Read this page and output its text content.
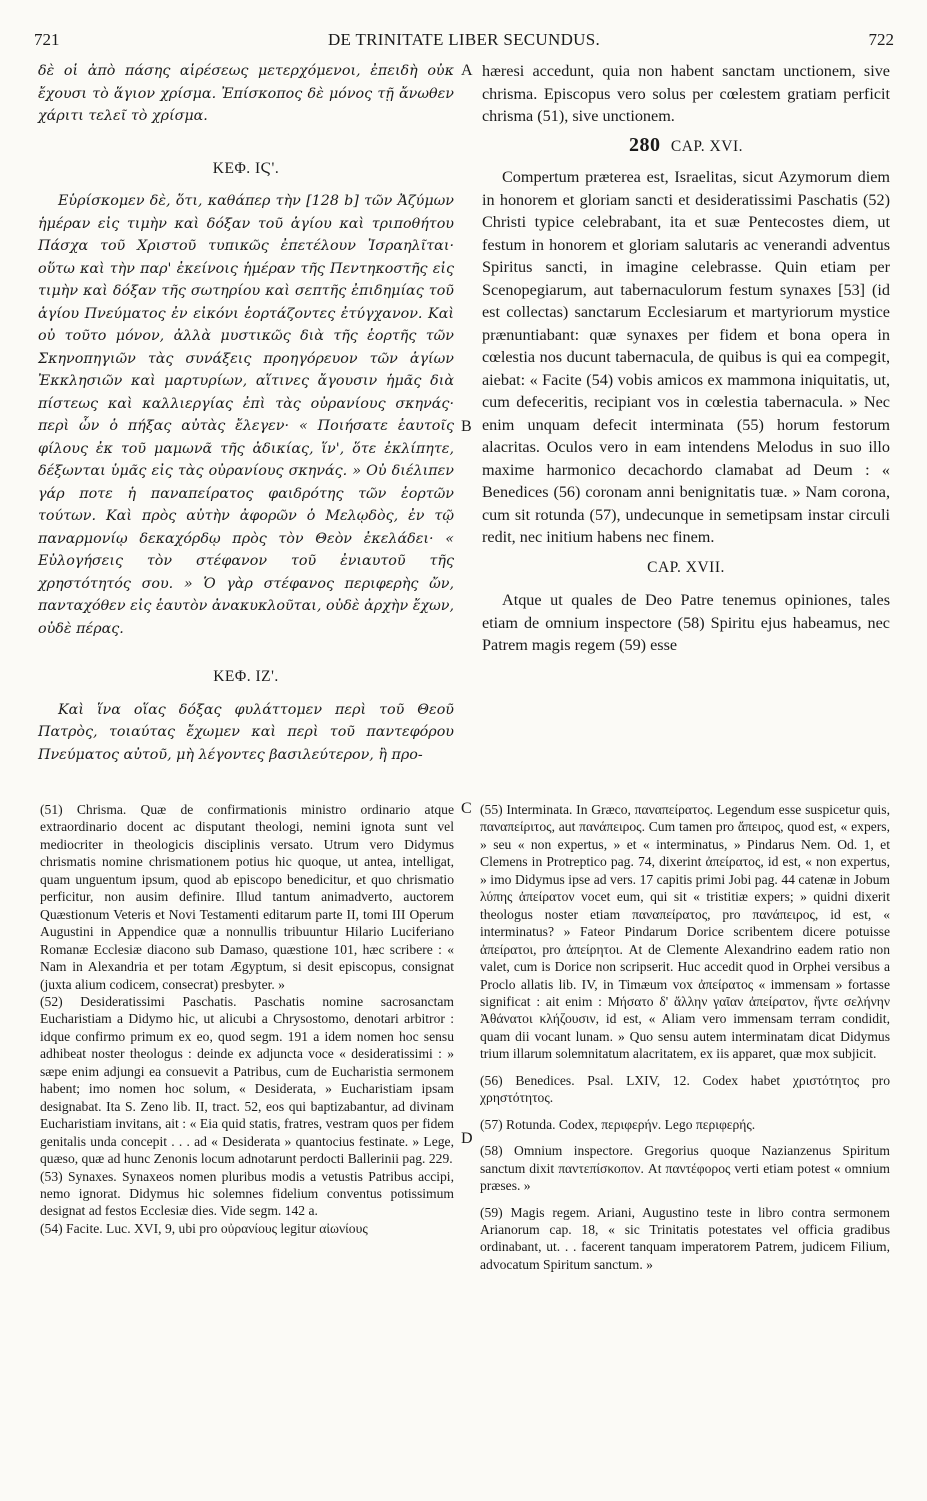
721	DE TRINITATE LIBER SECUNDUS.	722

δὲ οἱ ἀπὸ πάσης αἱρέσεως μετερχόμενοι, ἐπειδὴ οὐκ ἔχουσι τὸ ἅγιον χρίσμα. Ἐπίσκοπος δὲ μόνος τῇ ἄνωθεν χάριτι τελεῖ τὸ χρίσμα.

ΚΕΦ. ΙϚ'.

Εὑρίσκομεν δὲ, ὅτι, καθάπερ τὴν [128 b] τῶν Ἀζύμων ἡμέραν εἰς τιμὴν καὶ δόξαν τοῦ ἁγίου καὶ τριποθήτου Πάσχα τοῦ Χριστοῦ τυπικῶς ἐπετέλουν Ἰσραηλῖται· οὕτω καὶ τὴν παρ' ἐκείνοις ἡμέραν τῆς Πεντηκοστῆς εἰς τιμὴν καὶ δόξαν τῆς σωτηρίου καὶ σεπτῆς ἐπιδημίας τοῦ ἁγίου Πνεύματος ἐν εἰκόνι ἑορτάζοντες ἐτύγχανον. Καὶ οὐ τοῦτο μόνον, ἀλλὰ μυστικῶς διὰ τῆς ἑορτῆς τῶν Σκηνοπηγιῶν τὰς συνάξεις προηγόρευον τῶν ἁγίων Ἐκκλησιῶν καὶ μαρτυρίων, αἵτινες ἄγουσιν ἡμᾶς διὰ πίστεως καὶ καλλιεργίας ἐπὶ τὰς οὐρανίους σκηνάς· περὶ ὧν ὁ πήξας αὐτὰς ἔλεγεν· « Ποιήσατε ἑαυτοῖς φίλους ἐκ τοῦ μαμωνᾶ τῆς ἀδικίας, ἵν', ὅτε ἐκλίπητε, δέξωνται ὑμᾶς εἰς τὰς οὐρανίους σκηνάς. » Οὐ διέλιπεν γάρ ποτε ἡ παναπείρατος φαιδρότης τῶν ἑορτῶν τούτων. Καὶ πρὸς αὐτὴν ἀφορῶν ὁ Μελῳδὸς, ἐν τῷ παναρμονίῳ δεκαχόρδῳ πρὸς τὸν Θεὸν ἐκελάδει· « Εὐλογήσεις τὸν στέφανον τοῦ ἐνιαυτοῦ τῆς χρηστότητός σου. » Ὁ γὰρ στέφανος περιφερὴς ὤν, πανταχόθεν εἰς ἑαυτὸν ἀνακυκλοῦται, οὐδὲ ἀρχὴν ἔχων, οὐδὲ πέρας.

ΚΕΦ. ΙΖ'.

Καὶ ἵνα οἵας δόξας φυλάττομεν περὶ τοῦ Θεοῦ Πατρὸς, τοιαύτας ἔχωμεν καὶ περὶ τοῦ παντεφόρου Πνεύματος αὐτοῦ, μὴ λέγοντες βασιλεύτερον, ἢ προ-

hæresi accedunt, quia non habent sanctam unctionem, sive chrisma. Episcopus vero solus per cœlestem gratiam perficit chrisma (51), sive unctionem.

280 CAP. XVI.

Compertum præterea est, Israelitas, sicut Azymorum diem in honorem et gloriam sancti et desideratissimi Paschatis (52) Christi typice celebrabant, ita et suæ Pentecostes diem, ut festum in honorem et gloriam salutaris ac venerandi adventus Spiritus sancti, in imagine celebrasse. Quin etiam per Scenopegiarum, aut tabernaculorum festum synaxes [53] (id est collectas) sanctarum Ecclesiarum et martyriorum mystice prænuntiabant: quæ synaxes per fidem et bona opera in cœlestia nos ducunt tabernacula, de quibus is qui ea compegit, aiebat: « Facite (54) vobis amicos ex mammona iniquitatis, ut, cum defeceritis, recipiant vos in cœlestia tabernacula. » Nec enim unquam defecit interminata (55) horum festorum alacritas. Oculos vero in eam intendens Melodus in suo illo maxime harmonico decachordo clamabat ad Deum : « Benedices (56) coronam anni benignitatis tuæ. » Nam corona, cum sit rotunda (57), undecunque in semetipsam instar circuli redit, nec initium habens nec finem.

CAP. XVII.

Atque ut quales de Deo Patre tenemus opiniones, tales etiam de omnium inspectore (58) Spiritu ejus habeamus, nec Patrem magis regem (59) esse

A
B
C
D

(51) Chrisma. Quæ de confirmationis ministro ordinario atque extraordinario docent ac disputant theologi, nemini ignota sunt vel mediocriter in theologicis disciplinis versato. Utrum vero Didymus chrismatis nomine chrismationem potius hic quoque, ut antea, intelligat, quam unguentum ipsum, quod ab episcopo benedicitur, et quo chrismatio perficitur, non ausim definire. Illud tantum animadverto, auctorem Quæstionum Veteris et Novi Testamenti editarum parte II, tomi III Operum Augustini in Appendice quæ a nonnullis tribuuntur Hilario Luciferiano Romanæ Ecclesiæ diacono sub Damaso, quæstione 101, hæc scribere : « Nam in Alexandria et per totam Ægyptum, si desit episcopus, consignat (juxta alium codicem, consecrat) presbyter. »

(52) Desideratissimi Paschatis. Paschatis nomine sacrosanctam Eucharistiam a Didymo hic, ut alicubi a Chrysostomo, denotari arbitror : idque confirmo primum ex eo, quod segm. 191 a idem nomen hoc sensu adhibeat noster theologus : deinde ex adjuncta voce « desideratissimi : » sæpe enim adjungi ea consuevit a Patribus, cum de Eucharistia sermonem habent; imo nomen hoc solum, « Desiderata, » Eucharistiam ipsam designabat. Ita S. Zeno lib. II, tract. 52, eos qui baptizabantur, ad divinam Eucharistiam invitans, ait : « Eia quid statis, fratres, vestram quos per fidem genitalis unda concepit . . . ad « Desiderata » quantocius festinate. » Lege, quæso, quæ ad hunc Zenonis locum adnotarunt perdocti Ballerinii pag. 229.

(53) Synaxes. Synaxeos nomen pluribus modis a vetustis Patribus accipi, nemo ignorat. Didymus hic solemnes fidelium conventus potissimum designat ad festos Ecclesiæ dies. Vide segm. 142 a.

(54) Facite. Luc. XVI, 9, ubi pro οὐρανίους legitur αἰωνίους

(55) Interminata. In Græco, παναπείρατος. Legendum esse suspicetur quis, παναπείριτος, aut πανάπειρος. Cum tamen pro ἄπειρος, quod est, « expers, » seu « non expertus, » et « interminatus, » Pindarus Nem. Od. 1, et Clemens in Protreptico pag. 74, dixerint ἀπείρατος, id est, « non expertus, » imo Didymus ipse ad vers. 17 capitis primi Jobi pag. 44 catenæ in Jobum λύπης ἀπείρατον vocet eum, qui sit « tristitiæ expers; » quidni dixerit theologus noster etiam παναπείρατος, pro πανάπειρος, id est, « interminatus? » Fateor Pindarum Dorice scribentem dicere potuisse ἀπείρατοι, pro ἀπείρητοι. At de Clemente Alexandrino eadem ratio non valet, cum is Dorice non scripserit. Huc accedit quod in Orphei versibus a Proclo allatis lib. IV, in Timæum vox ἀπείρατος « immensam » fortasse significat : ait enim : Μήσατο δ' ἄλλην γαῖαν ἀπείρατον, ἥντε σελήνην Ἀθάνατοι κλήζουσιν, id est, « Aliam vero immensam terram condidit, quam dii vocant lunam. » Quo sensu autem interminatam dicat Didymus trium illarum solemnitatum alacritatem, ex iis apparet, quæ mox subjicit.

(56) Benedices. Psal. LXIV, 12. Codex habet χριστότητος pro χρηστότητος.

(57) Rotunda. Codex, περιφερήν. Lego περιφερής.

(58) Omnium inspectore. Gregorius quoque Nazianzenus Spiritum sanctum dixit παντεπίσκοπον. At παντέφορος verti etiam potest « omnium præses. »

(59) Magis regem. Ariani, Augustino teste in libro contra sermonem Arianorum cap. 18, « sic Trinitatis potestates vel officia gradibus ordinabant, ut. . . facerent tanquam imperatorem Patrem, judicem Filium, advocatum Spiritum sanctum. »
